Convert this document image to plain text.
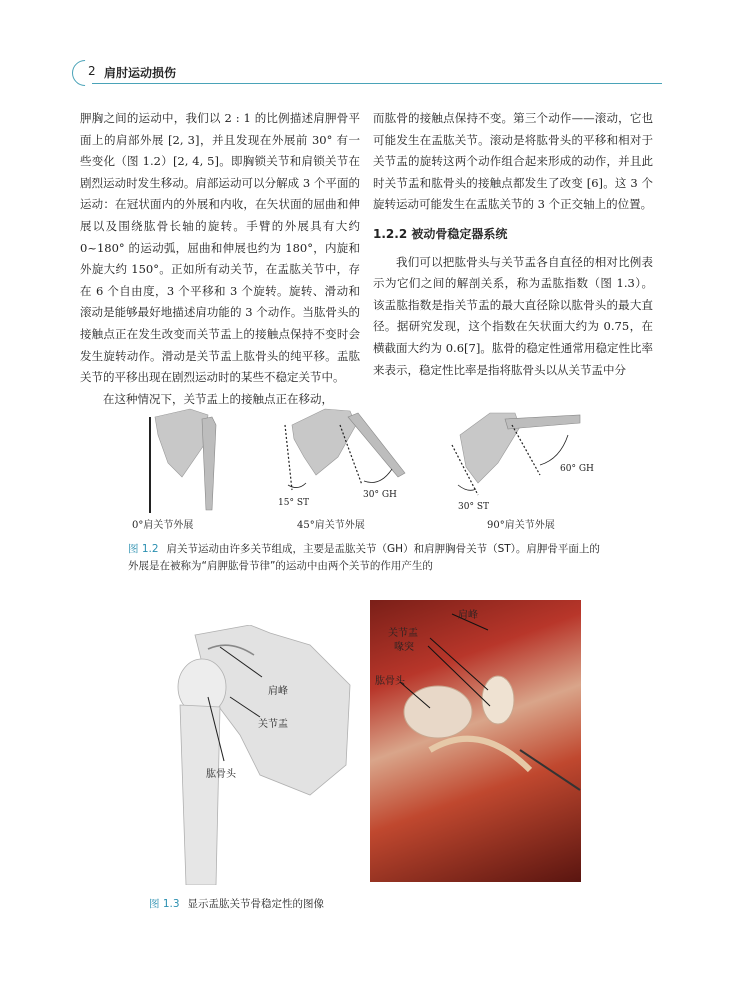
2 肩肘运动损伤

胛胸之间的运动中，我们以 2 : 1 的比例描述肩胛骨平面上的肩部外展 [2, 3]，并且发现在外展前 30° 有一些变化（图 1.2）[2, 4, 5]。即胸锁关节和肩锁关节在剧烈运动时发生移动。肩部运动可以分解成 3 个平面的运动：在冠状面内的外展和内收，在矢状面的屈曲和伸展以及围绕肱骨长轴的旋转。手臂的外展具有大约 0~180° 的运动弧，屈曲和伸展也约为 180°，内旋和外旋大约 150°。正如所有动关节，在盂肱关节中，存在 6 个自由度，3 个平移和 3 个旋转。旋转、滑动和滚动是能够最好地描述肩功能的 3 个动作。当肱骨头的接触点正在发生改变而关节盂上的接触点保持不变时会发生旋转动作。滑动是关节盂上肱骨头的纯平移。盂肱关节的平移出现在剧烈运动时的某些不稳定关节中。

在这种情况下，关节盂上的接触点正在移动，

而肱骨的接触点保持不变。第三个动作——滚动，它也可能发生在盂肱关节。滚动是将肱骨头的平移和相对于关节盂的旋转这两个动作组合起来形成的动作，并且此时关节盂和肱骨头的接触点都发生了改变 [6]。这 3 个旋转运动可能发生在盂肱关节的 3 个正交轴上的位置。

1.2.2 被动骨稳定器系统

我们可以把肱骨头与关节盂各自直径的相对比例表示为它们之间的解剖关系，称为盂肱指数（图 1.3）。该盂肱指数是指关节盂的最大直径除以肱骨头的最大直径。据研究发现，这个指数在矢状面大约为 0.75，在横截面大约为 0.6[7]。肱骨的稳定性通常用稳定性比率来表示，稳定性比率是指将肱骨头以从关节盂中分

15° ST
30° GH
30° ST
60° GH
0°肩关节外展	45°肩关节外展	90°肩关节外展
图 1.2 肩关节运动由许多关节组成，主要是盂肱关节（GH）和肩胛胸骨关节（ST）。肩胛骨平面上的外展是在被称为“肩胛肱骨节律”的运动中由两个关节的作用产生的
肩峰
关节盂
肱骨头
肩峰
关节盂
喙突
肱骨头
图 1.3 显示盂肱关节骨稳定性的图像
